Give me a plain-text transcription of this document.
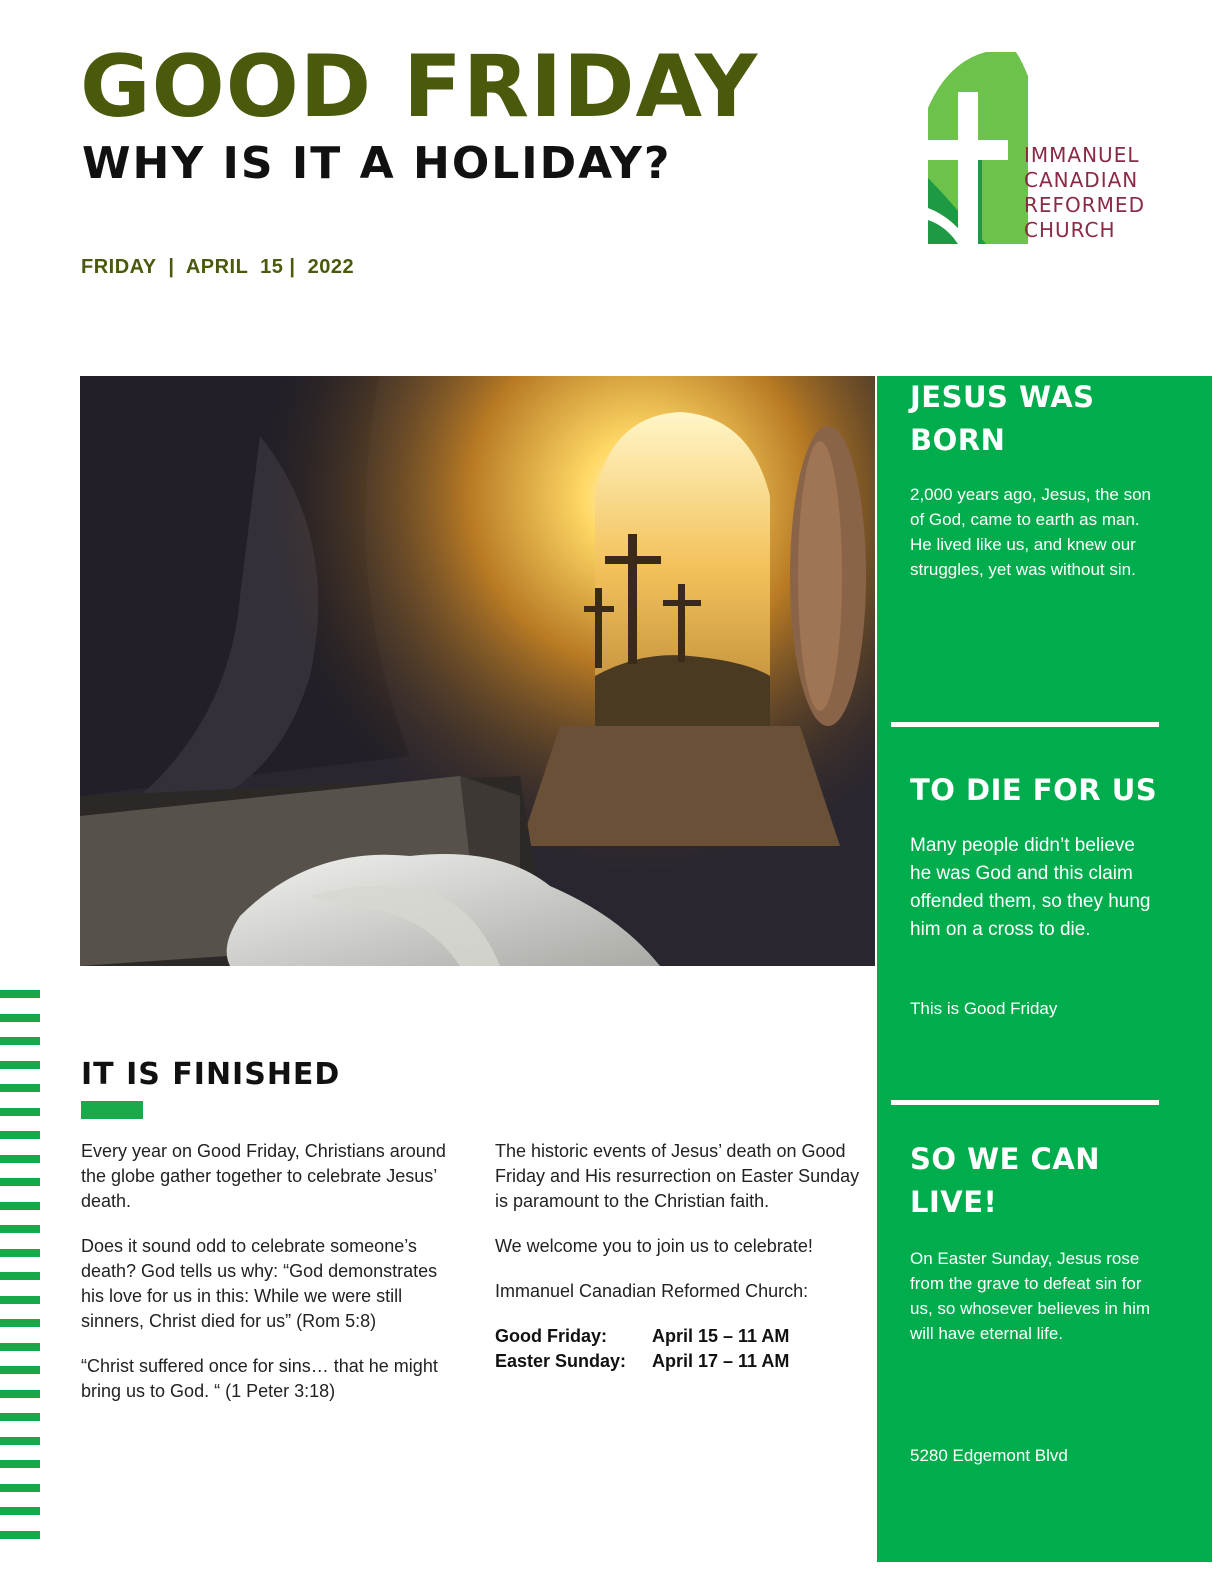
GOOD FRIDAY
WHY IS IT A HOLIDAY?
FRIDAY  |  APRIL  15 |  2022
IMMANUEL
CANADIAN
REFORMED
CHURCH
IT IS FINISHED

Every year on Good Friday, Christians around the globe gather together to celebrate Jesus’ death.

Does it sound odd to celebrate someone’s death? God tells us why: “God demonstrates his love for us in this: While we were still sinners, Christ died for us” (Rom 5:8)

“Christ suffered once for sins… that he might bring us to God. “ (1 Peter 3:18)

The historic events of Jesus’ death on Good Friday and His resurrection on Easter Sunday is paramount to the Christian faith.

We welcome you to join us to celebrate!

Immanuel Canadian Reformed Church:

Good Friday:	April 15 – 11 AM
Easter Sunday:	April 17 – 11 AM
JESUS WAS BORN

2,000 years ago, Jesus, the son of God, came to earth as man. He lived like us, and knew our struggles, yet was without sin.

TO DIE FOR US

Many people didn’t believe he was God and this claim offended them, so they hung him on a cross to die.

This is Good Friday

SO WE CAN LIVE!

On Easter Sunday, Jesus rose from the grave to defeat sin for us, so whosever believes in him will have eternal life.

5280 Edgemont Blvd
